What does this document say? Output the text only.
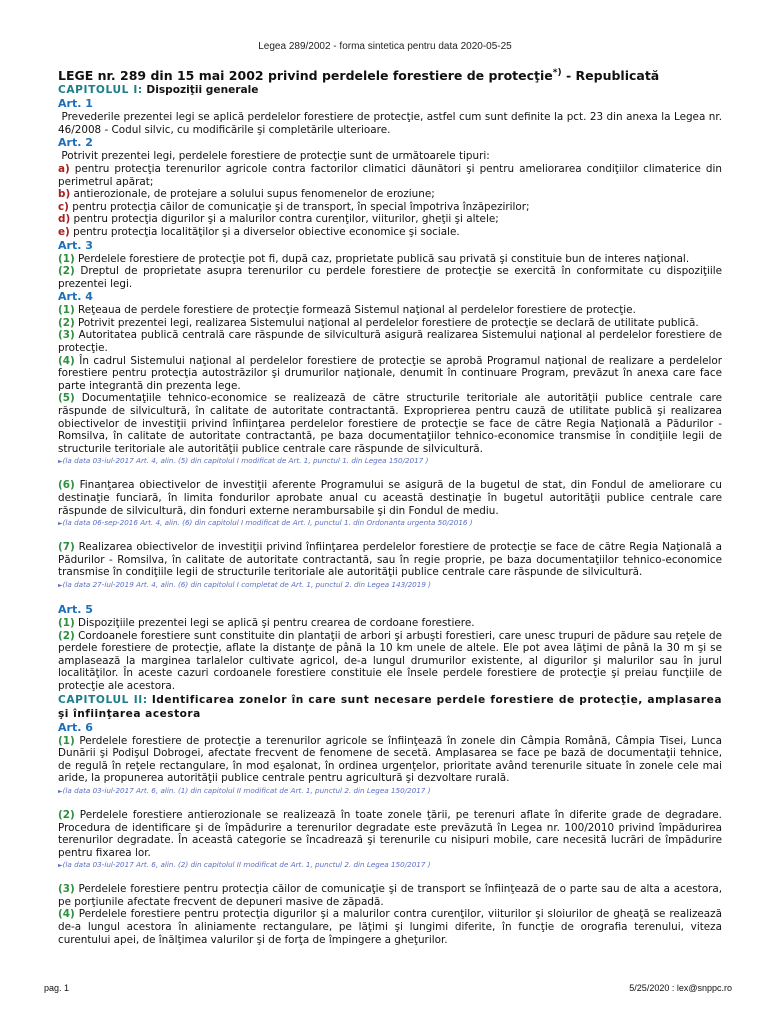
Legea 289/2002 - forma sintetica pentru data 2020-05-25
LEGE nr. 289 din 15 mai 2002 privind perdelele forestiere de protecţie*) - Republicată
CAPITOLUL I: Dispoziţii generale
Art. 1

Prevederile prezentei legi se aplică perdelelor forestiere de protecţie, astfel cum sunt definite la pct. 23 din anexa la Legea nr. 46/2008 - Codul silvic, cu modificările şi completările ulterioare.

Art. 2

Potrivit prezentei legi, perdelele forestiere de protecţie sunt de următoarele tipuri:

a) pentru protecţia terenurilor agricole contra factorilor climatici dăunători şi pentru ameliorarea condiţiilor climaterice din perimetrul apărat;

b) antierozionale, de protejare a solului supus fenomenelor de eroziune;

c) pentru protecţia căilor de comunicaţie şi de transport, în special împotriva înzăpezirilor;

d) pentru protecţia digurilor şi a malurilor contra curenţilor, viiturilor, gheţii şi altele;

e) pentru protecţia localităţilor şi a diverselor obiective economice şi sociale.

Art. 3

(1) Perdelele forestiere de protecţie pot fi, după caz, proprietate publică sau privată şi constituie bun de interes naţional.

(2) Dreptul de proprietate asupra terenurilor cu perdele forestiere de protecţie se exercită în conformitate cu dispoziţiile prezentei legi.

Art. 4

(1) Reţeaua de perdele forestiere de protecţie formează Sistemul naţional al perdelelor forestiere de protecţie.

(2) Potrivit prezentei legi, realizarea Sistemului naţional al perdelelor forestiere de protecţie se declară de utilitate publică.

(3) Autoritatea publică centrală care răspunde de silvicultură asigură realizarea Sistemului naţional al perdelelor forestiere de protecţie.

(4) În cadrul Sistemului naţional al perdelelor forestiere de protecţie se aprobă Programul naţional de realizare a perdelelor forestiere pentru protecţia autostrăzilor şi drumurilor naţionale, denumit în continuare Program, prevăzut în anexa care face parte integrantă din prezenta lege.

(5) Documentaţiile tehnico-economice se realizează de către structurile teritoriale ale autorităţii publice centrale care răspunde de silvicultură, în calitate de autoritate contractantă. Exproprierea pentru cauză de utilitate publică şi realizarea obiectivelor de investiţii privind înfiinţarea perdelelor forestiere de protecţie se face de către Regia Naţională a Pădurilor - Romsilva, în calitate de autoritate contractantă, pe baza documentaţiilor tehnico-economice transmise în condiţiile legii de structurile teritoriale ale autorităţii publice centrale care răspunde de silvicultură.

►(la data 03-iul-2017 Art. 4, alin. (5) din capitolul I modificat de Art. 1, punctul 1. din Legea 150/2017 )

(6) Finanţarea obiectivelor de investiţii aferente Programului se asigură de la bugetul de stat, din Fondul de ameliorare cu destinaţie funciară, în limita fondurilor aprobate anual cu această destinaţie în bugetul autorităţii publice centrale care răspunde de silvicultură, din fonduri externe nerambursabile şi din Fondul de mediu.

►(la data 06-sep-2016 Art. 4, alin. (6) din capitolul I modificat de Art. I, punctul 1. din Ordonanta urgenta 50/2016 )

(7) Realizarea obiectivelor de investiţii privind înfiinţarea perdelelor forestiere de protecţie se face de către Regia Naţională a Pădurilor - Romsilva, în calitate de autoritate contractantă, sau în regie proprie, pe baza documentaţiilor tehnico-economice transmise în condiţiile legii de structurile teritoriale ale autorităţii publice centrale care răspunde de silvicultură.

►(la data 27-iul-2019 Art. 4, alin. (6) din capitolul I completat de Art. 1, punctul 2. din Legea 143/2019 )
Art. 5

(1) Dispoziţiile prezentei legi se aplică şi pentru crearea de cordoane forestiere.

(2) Cordoanele forestiere sunt constituite din plantaţii de arbori şi arbuşti forestieri, care unesc trupuri de pădure sau reţele de perdele forestiere de protecţie, aflate la distanţe de până la 10 km unele de altele. Ele pot avea lăţimi de până la 30 m şi se amplasează la marginea tarlalelor cultivate agricol, de-a lungul drumurilor existente, al digurilor şi malurilor sau în jurul localităţilor. În aceste cazuri cordoanele forestiere constituie ele însele perdele forestiere de protecţie şi preiau funcţiile de protecţie ale acestora.

CAPITOLUL II: Identificarea zonelor în care sunt necesare perdele forestiere de protecţie, amplasarea şi înfiinţarea acestora
Art. 6

(1) Perdelele forestiere de protecţie a terenurilor agricole se înfiinţează în zonele din Câmpia Română, Câmpia Tisei, Lunca Dunării şi Podişul Dobrogei, afectate frecvent de fenomene de secetă. Amplasarea se face pe bază de documentaţii tehnice, de regulă în reţele rectangulare, în mod eşalonat, în ordinea urgenţelor, prioritate având terenurile situate în zonele cele mai aride, la propunerea autorităţii publice centrale pentru agricultură şi dezvoltare rurală.

►(la data 03-iul-2017 Art. 6, alin. (1) din capitolul II modificat de Art. 1, punctul 2. din Legea 150/2017 )

(2) Perdelele forestiere antierozionale se realizează în toate zonele ţării, pe terenuri aflate în diferite grade de degradare. Procedura de identificare şi de împădurire a terenurilor degradate este prevăzută în Legea nr. 100/2010 privind împădurirea terenurilor degradate. În această categorie se încadrează şi terenurile cu nisipuri mobile, care necesită lucrări de împădurire pentru fixarea lor.

►(la data 03-iul-2017 Art. 6, alin. (2) din capitolul II modificat de Art. 1, punctul 2. din Legea 150/2017 )

(3) Perdelele forestiere pentru protecţia căilor de comunicaţie şi de transport se înfiinţează de o parte sau de alta a acestora, pe porţiunile afectate frecvent de depuneri masive de zăpadă.

(4) Perdelele forestiere pentru protecţia digurilor şi a malurilor contra curenţilor, viiturilor şi sloiurilor de gheaţă se realizează de-a lungul acestora în aliniamente rectangulare, pe lăţimi şi lungimi diferite, în funcţie de orografia terenului, viteza curentului apei, de înălţimea valurilor şi de forţa de împingere a gheţurilor.

pag. 1	5/25/2020 : lex@snppc.ro
